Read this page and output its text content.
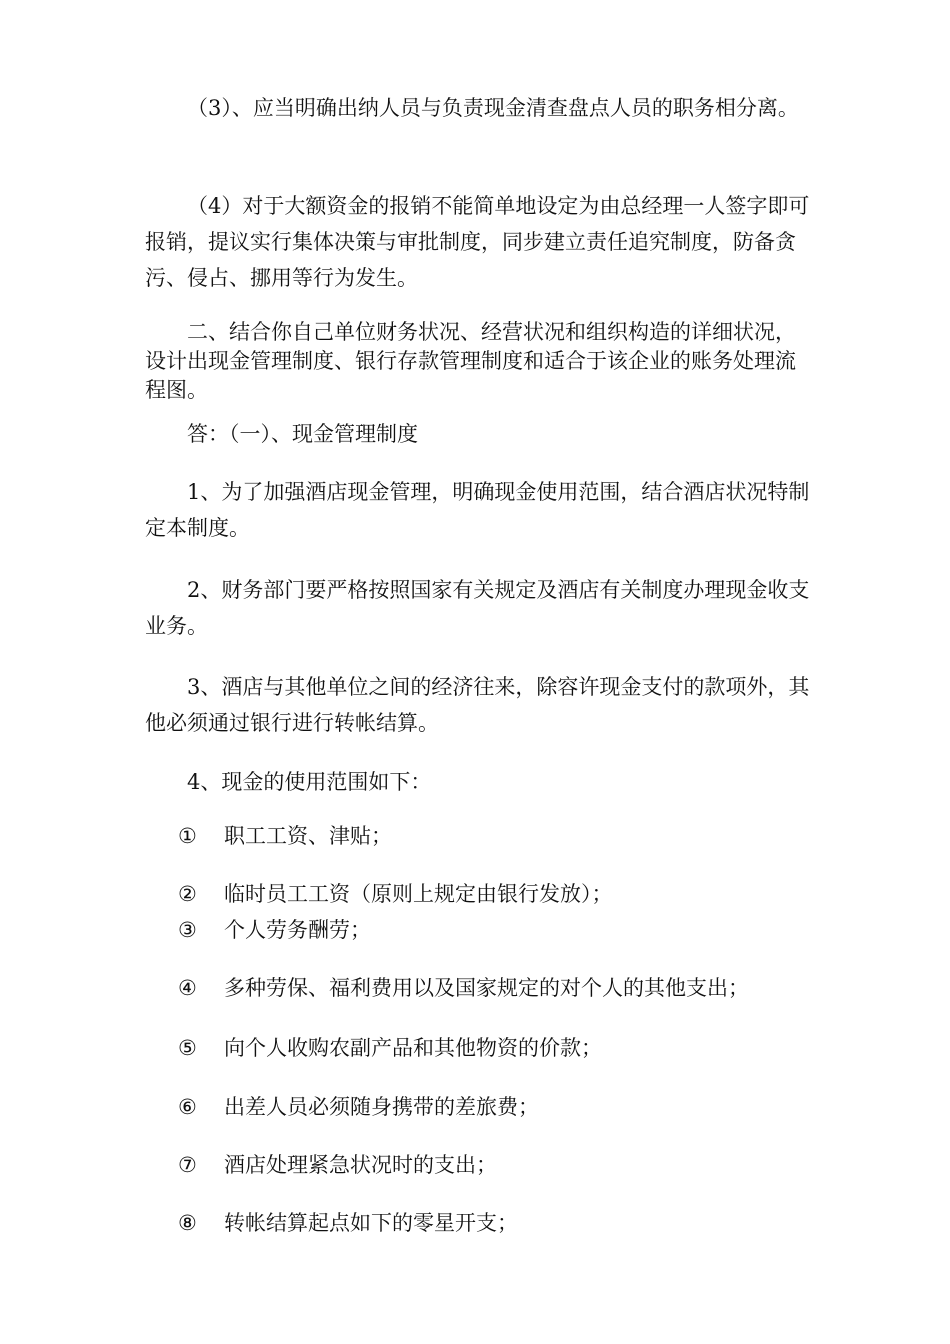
（3）、应当明确出纳人员与负责现金清查盘点人员的职务相分离。

（4）对于大额资金的报销不能简单地设定为由总经理一人签字即可报销，提议实行集体决策与审批制度，同步建立责任追究制度，防备贪污、侵占、挪用等行为发生。

二、结合你自己单位财务状况、经营状况和组织构造的详细状况，设计出现金管理制度、银行存款管理制度和适合于该企业的账务处理流程图。

答：（一）、现金管理制度

1、为了加强酒店现金管理，明确现金使用范围，结合酒店状况特制定本制度。

2、财务部门要严格按照国家有关规定及酒店有关制度办理现金收支业务。

3、酒店与其他单位之间的经济往来，除容许现金支付的款项外，其他必须通过银行进行转帐结算。

4、现金的使用范围如下：

① 职工工资、津贴；
② 临时员工工资（原则上规定由银行发放）；
③ 个人劳务酬劳；
④ 多种劳保、福利费用以及国家规定的对个人的其他支出；
⑤ 向个人收购农副产品和其他物资的价款；
⑥ 出差人员必须随身携带的差旅费；
⑦ 酒店处理紧急状况时的支出；
⑧ 转帐结算起点如下的零星开支；
